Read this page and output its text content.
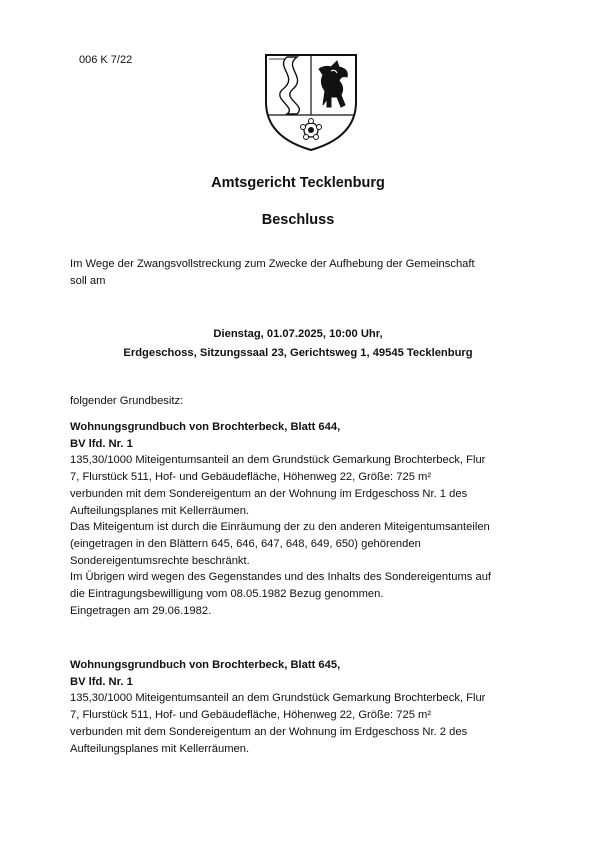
006 K 7/22
Amtsgericht Tecklenburg
Beschluss
Im Wege der Zwangsvollstreckung zum Zwecke der Aufhebung der Gemeinschaft
soll am
Dienstag, 01.07.2025, 10:00 Uhr,
Erdgeschoss, Sitzungssaal 23, Gerichtsweg 1, 49545 Tecklenburg
folgender Grundbesitz:

Wohnungsgrundbuch von Brochterbeck, Blatt 644,

BV lfd. Nr. 1

135,30/1000 Miteigentumsanteil an dem Grundstück Gemarkung Brochterbeck, Flur

7, Flurstück 511, Hof- und Gebäudefläche, Höhenweg 22, Größe: 725 m²

verbunden mit dem Sondereigentum an der Wohnung im Erdgeschoss Nr. 1 des

Aufteilungsplanes mit Kellerräumen.

Das Miteigentum ist durch die Einräumung der zu den anderen Miteigentumsanteilen

(eingetragen in den Blättern 645, 646, 647, 648, 649, 650) gehörenden

Sondereigentumsrechte beschränkt.

Im Übrigen wird wegen des Gegenstandes und des Inhalts des Sondereigentums auf

die Eintragungsbewilligung vom 08.05.1982 Bezug genommen.

Eingetragen am 29.06.1982.

Wohnungsgrundbuch von Brochterbeck, Blatt 645,

BV lfd. Nr. 1

135,30/1000 Miteigentumsanteil an dem Grundstück Gemarkung Brochterbeck, Flur

7, Flurstück 511, Hof- und Gebäudefläche, Höhenweg 22, Größe: 725 m²

verbunden mit dem Sondereigentum an der Wohnung im Erdgeschoss Nr. 2 des

Aufteilungsplanes mit Kellerräumen.
